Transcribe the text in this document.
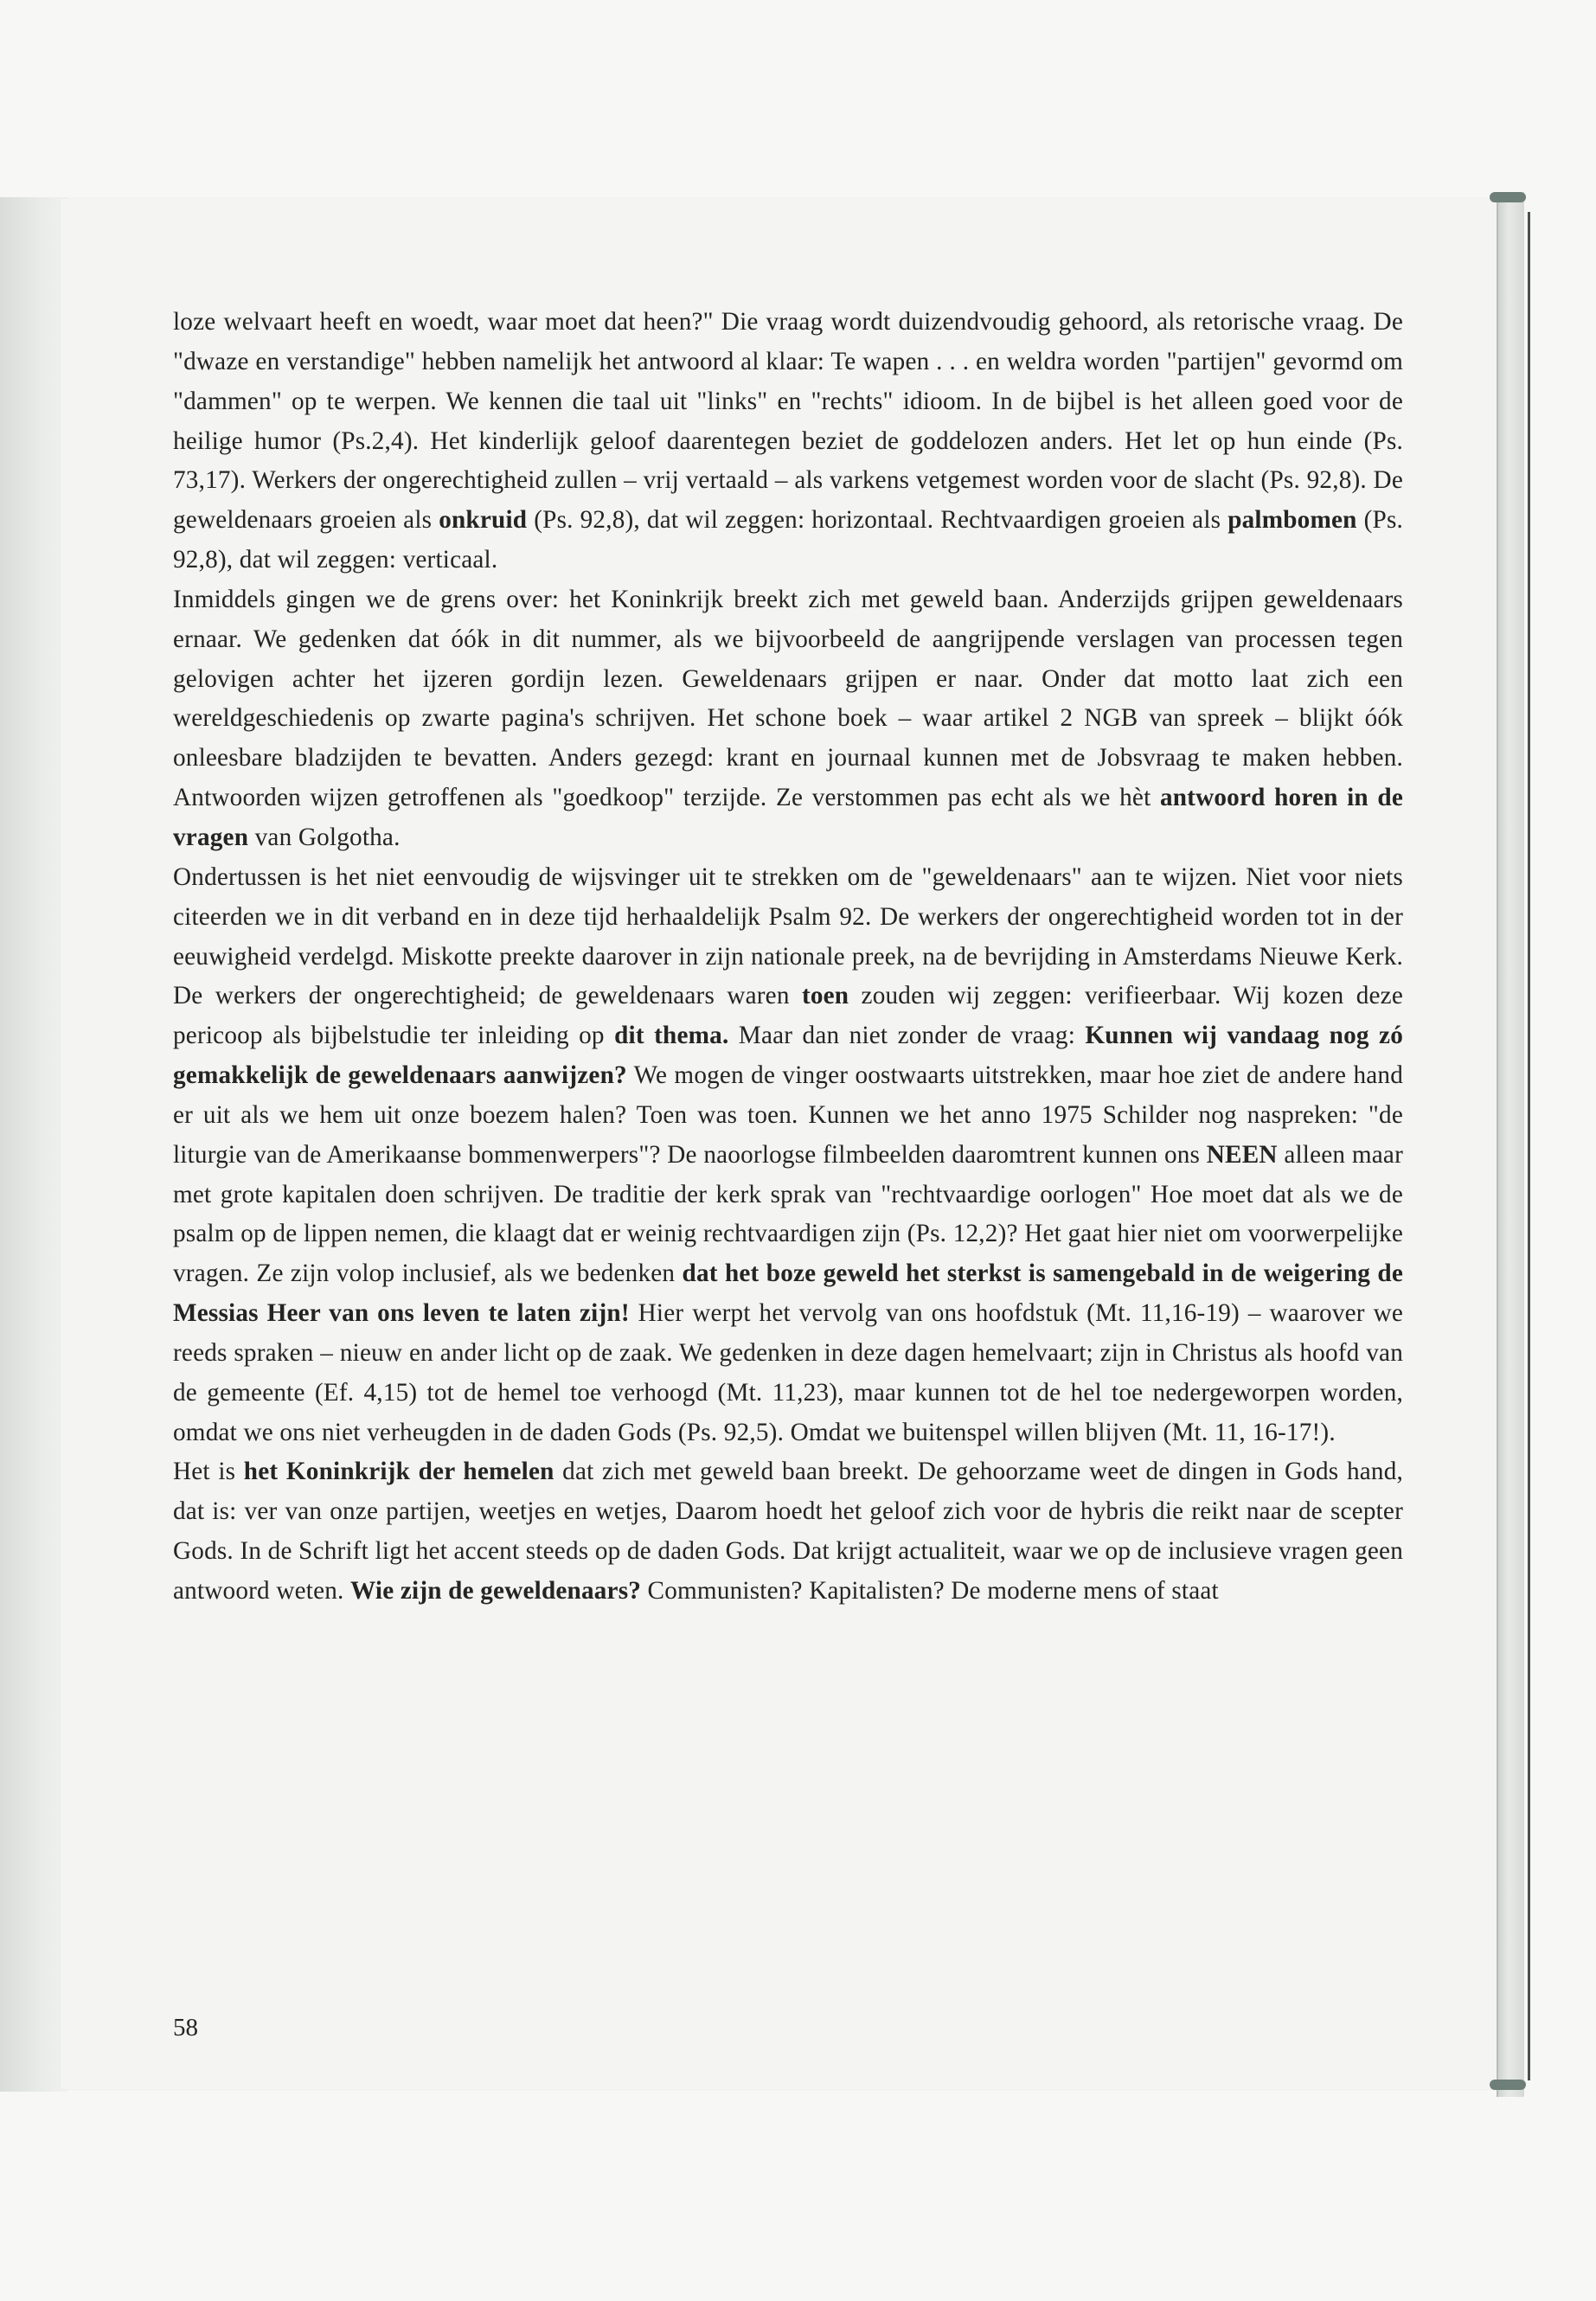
loze welvaart heeft en woedt, waar moet dat heen?" Die vraag wordt duizendvoudig gehoord, als retorische vraag. De "dwaze en verstandige" hebben namelijk het antwoord al klaar: Te wapen . . . en weldra worden "partijen" gevormd om "dammen" op te werpen. We kennen die taal uit "links" en "rechts" idioom. In de bijbel is het alleen goed voor de heilige humor (Ps.2,4). Het kinderlijk geloof daarentegen beziet de goddelozen anders. Het let op hun einde (Ps. 73,17). Werkers der ongerechtigheid zullen – vrij vertaald – als varkens vetgemest worden voor de slacht (Ps. 92,8). De geweldenaars groeien als onkruid (Ps. 92,8), dat wil zeggen: horizontaal. Rechtvaardigen groeien als palmbomen (Ps. 92,8), dat wil zeggen: verticaal.

Inmiddels gingen we de grens over: het Koninkrijk breekt zich met geweld baan. Anderzijds grijpen geweldenaars ernaar. We gedenken dat óók in dit nummer, als we bijvoorbeeld de aangrijpende verslagen van processen tegen gelovigen achter het ijzeren gordijn lezen. Geweldenaars grijpen er naar. Onder dat motto laat zich een wereldgeschiedenis op zwarte pagina's schrijven. Het schone boek – waar artikel 2 NGB van spreek – blijkt óók onleesbare bladzijden te bevatten. Anders gezegd: krant en journaal kunnen met de Jobsvraag te maken hebben. Antwoorden wijzen getroffenen als "goedkoop" terzijde. Ze verstommen pas echt als we hèt antwoord horen in de vragen van Golgotha.

Ondertussen is het niet eenvoudig de wijsvinger uit te strekken om de "geweldenaars" aan te wijzen. Niet voor niets citeerden we in dit verband en in deze tijd herhaaldelijk Psalm 92. De werkers der ongerechtigheid worden tot in der eeuwigheid verdelgd. Miskotte preekte daarover in zijn nationale preek, na de bevrijding in Amsterdams Nieuwe Kerk. De werkers der ongerechtigheid; de geweldenaars waren toen zouden wij zeggen: verifieerbaar. Wij kozen deze pericoop als bijbelstudie ter inleiding op dit thema. Maar dan niet zonder de vraag: Kunnen wij vandaag nog zó gemakkelijk de geweldenaars aanwijzen? We mogen de vinger oostwaarts uitstrekken, maar hoe ziet de andere hand er uit als we hem uit onze boezem halen? Toen was toen. Kunnen we het anno 1975 Schilder nog naspreken: "de liturgie van de Amerikaanse bommenwerpers"? De naoorlogse filmbeelden daaromtrent kunnen ons NEEN alleen maar met grote kapitalen doen schrijven. De traditie der kerk sprak van "rechtvaardige oorlogen" Hoe moet dat als we de psalm op de lippen nemen, die klaagt dat er weinig rechtvaardigen zijn (Ps. 12,2)? Het gaat hier niet om voorwerpelijke vragen. Ze zijn volop inclusief, als we bedenken dat het boze geweld het sterkst is samengebald in de weigering de Messias Heer van ons leven te laten zijn! Hier werpt het vervolg van ons hoofdstuk (Mt. 11,16-19) – waarover we reeds spraken – nieuw en ander licht op de zaak. We gedenken in deze dagen hemelvaart; zijn in Christus als hoofd van de gemeente (Ef. 4,15) tot de hemel toe verhoogd (Mt. 11,23), maar kunnen tot de hel toe nedergeworpen worden, omdat we ons niet verheugden in de daden Gods (Ps. 92,5). Omdat we buitenspel willen blijven (Mt. 11, 16-17!).

Het is het Koninkrijk der hemelen dat zich met geweld baan breekt. De gehoorzame weet de dingen in Gods hand, dat is: ver van onze partijen, weetjes en wetjes, Daarom hoedt het geloof zich voor de hybris die reikt naar de scepter Gods. In de Schrift ligt het accent steeds op de daden Gods. Dat krijgt actualiteit, waar we op de inclusieve vragen geen antwoord weten. Wie zijn de geweldenaars? Communisten? Kapitalisten? De moderne mens of staat

58
